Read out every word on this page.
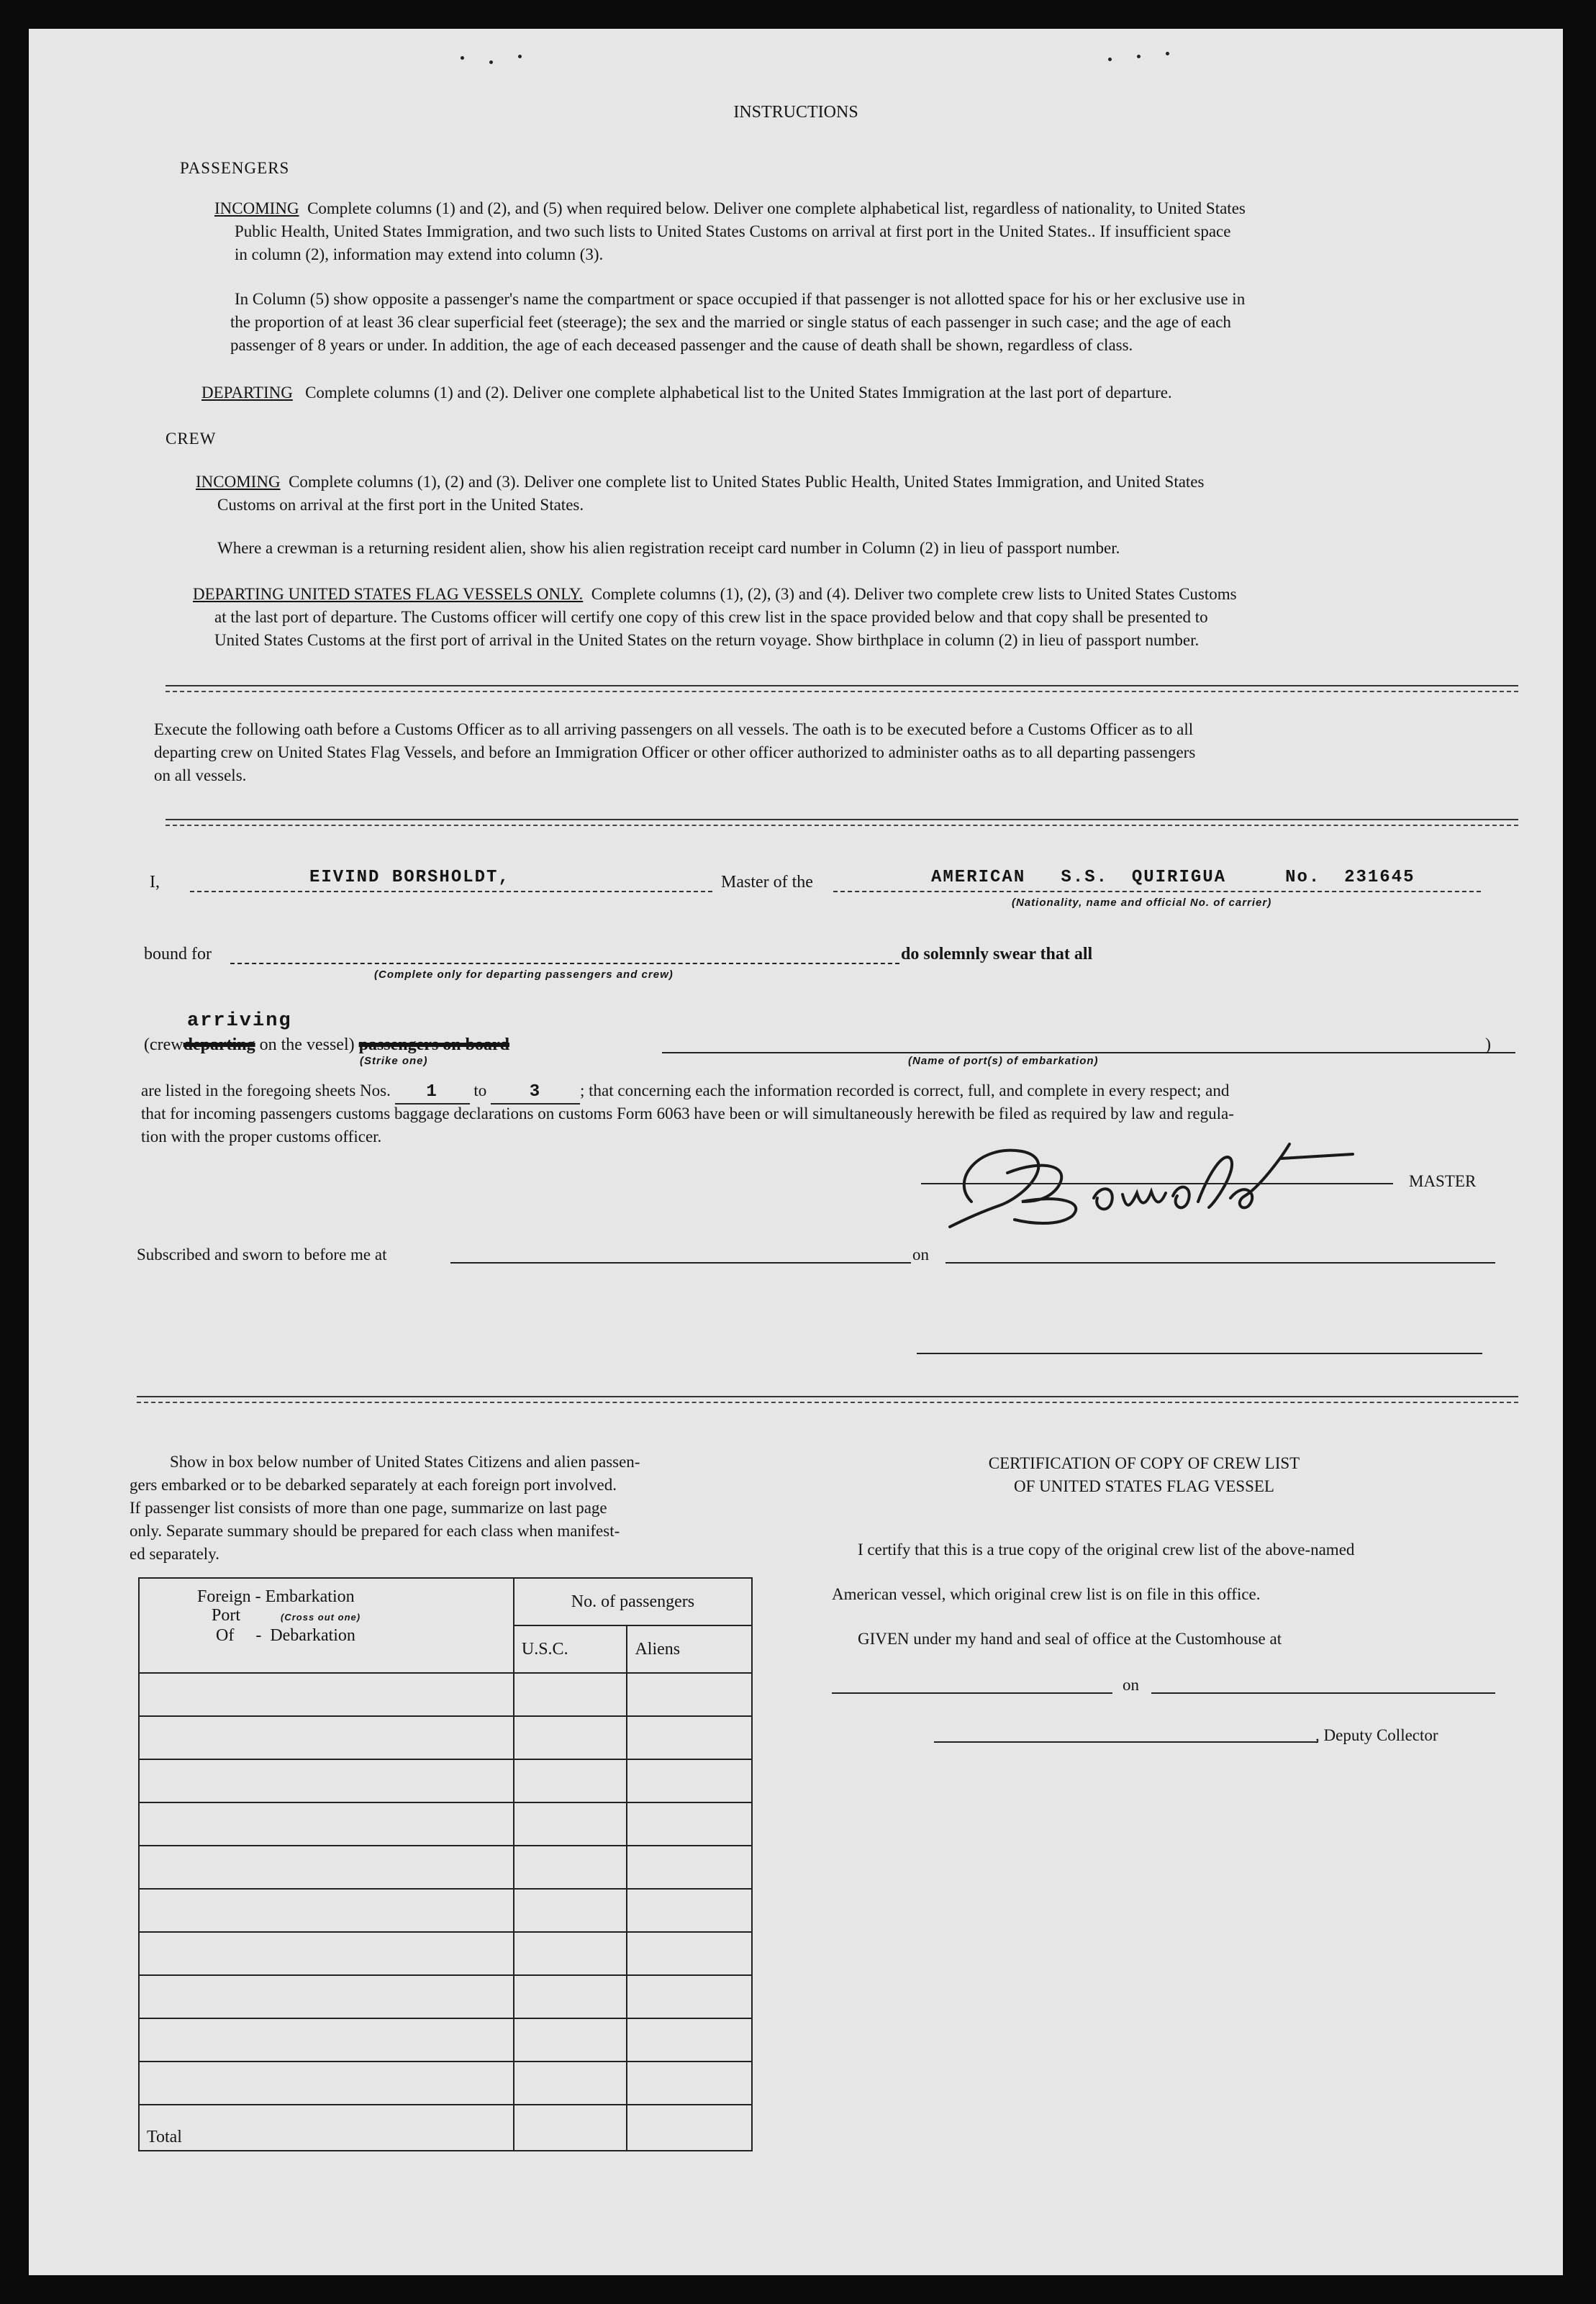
INSTRUCTIONS
PASSENGERS
INCOMING Complete columns (1) and (2), and (5) when required below. Deliver one complete alphabetical list, regardless of nationality, to United States
Public Health, United States Immigration, and two such lists to United States Customs on arrival at first port in the United States.. If insufficient space
in column (2), information may extend into column (3).
In Column (5) show opposite a passenger's name the compartment or space occupied if that passenger is not allotted space for his or her exclusive use in
the proportion of at least 36 clear superficial feet (steerage); the sex and the married or single status of each passenger in such case; and the age of each
passenger of 8 years or under. In addition, the age of each deceased passenger and the cause of death shall be shown, regardless of class.
DEPARTING Complete columns (1) and (2). Deliver one complete alphabetical list to the United States Immigration at the last port of departure.
CREW
INCOMING Complete columns (1), (2) and (3). Deliver one complete list to United States Public Health, United States Immigration, and United States
Customs on arrival at the first port in the United States.
Where a crewman is a returning resident alien, show his alien registration receipt card number in Column (2) in lieu of passport number.
DEPARTING UNITED STATES FLAG VESSELS ONLY. Complete columns (1), (2), (3) and (4). Deliver two complete crew lists to United States Customs
at the last port of departure. The Customs officer will certify one copy of this crew list in the space provided below and that copy shall be presented to
United States Customs at the first port of arrival in the United States on the return voyage. Show birthplace in column (2) in lieu of passport number.
Execute the following oath before a Customs Officer as to all arriving passengers on all vessels. The oath is to be executed before a Customs Officer as to all
departing crew on United States Flag Vessels, and before an Immigration Officer or other officer authorized to administer oaths as to all departing passengers
on all vessels.
I,	EIVIND BORSHOLDT,	Master of the	AMERICAN   S.S.  QUIRIGUA     No.  231645
(Nationality, name and official No. of carrier)
bound for
(Complete only for departing passengers and crew)
do solemnly swear that all
arriving
(crewdeparting on the vessel) passengers on board
(Strike one)	(Name of port(s) of embarkation)
)
are listed in the foregoing sheets Nos. 1 to 3 ; that concerning each the information recorded is correct, full, and complete in every respect; and
that for incoming passengers customs baggage declarations on customs Form 6063 have been or will simultaneously herewith be filed as required by law and regula-
tion with the proper customs officer.
MASTER
Subscribed and sworn to before me at	on
Show in box below number of United States Citizens and alien passen-
gers embarked or to be debarked separately at each foreign port involved.
If passenger list consists of more than one page, summarize on last page
only. Separate summary should be prepared for each class when manifest-
ed separately.
Foreign - Embarkation
Port (Cross out one)
Of     -  Debarkation	No. of passengers	
	U.S.C.	Aliens

Total		
CERTIFICATION OF COPY OF CREW LIST
OF UNITED STATES FLAG VESSEL
I certify that this is a true copy of the original crew list of the above-named
American vessel, which original crew list is on file in this office.
GIVEN under my hand and seal of office at the Customhouse at
on
, Deputy Collector
